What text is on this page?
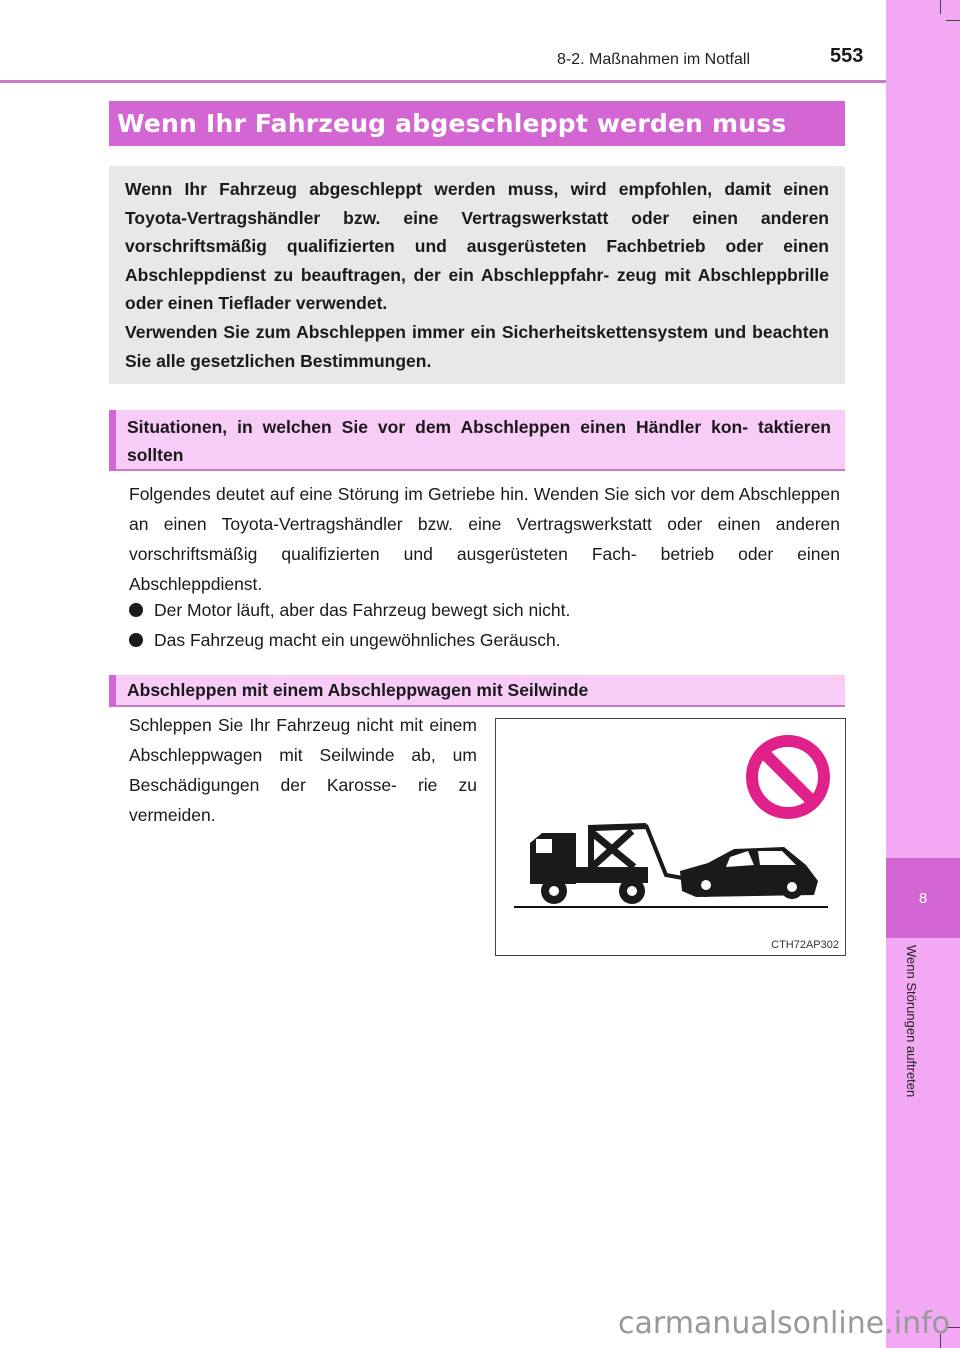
8
Wenn Störungen auftreten
8-2. Maßnahmen im Notfall	553
Wenn Ihr Fahrzeug abgeschleppt werden muss

Wenn Ihr Fahrzeug abgeschleppt werden muss, wird empfohlen, damit einen Toyota-Vertragshändler bzw. eine Vertragswerkstatt oder einen anderen vorschriftsmäßig qualifizierten und ausgerüsteten Fachbetrieb oder einen Abschleppdienst zu beauftragen, der ein Abschleppfahr- zeug mit Abschleppbrille oder einen Tieflader verwendet.

Verwenden Sie zum Abschleppen immer ein Sicherheitskettensystem und beachten Sie alle gesetzlichen Bestimmungen.

Situationen, in welchen Sie vor dem Abschleppen einen Händler kon- taktieren sollten

Folgendes deutet auf eine Störung im Getriebe hin. Wenden Sie sich vor dem Abschleppen an einen Toyota-Vertragshändler bzw. eine Vertragswerkstatt oder einen anderen vorschriftsmäßig qualifizierten und ausgerüsteten Fach- betrieb oder einen Abschleppdienst.

Der Motor läuft, aber das Fahrzeug bewegt sich nicht.
Das Fahrzeug macht ein ungewöhnliches Geräusch.

Abschleppen mit einem Abschleppwagen mit Seilwinde

Schleppen Sie Ihr Fahrzeug nicht mit einem Abschleppwagen mit Seilwinde ab, um Beschädigungen der Karosse- rie zu vermeiden.

CTH72AP302
carmanualsonline.info
